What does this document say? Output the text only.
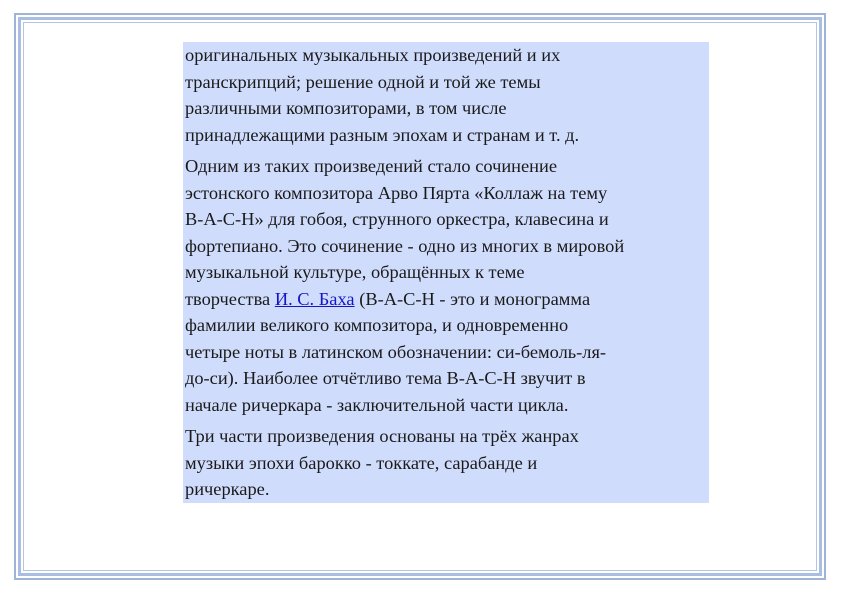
оригинальных музыкальных произведений и их
транскрипций; решение одной и той же темы
различными композиторами, в том числе
принадлежащими разным эпохам и странам и т. д.

Одним из таких произведений стало сочинение
эстонского композитора Арво Пярта «Коллаж на тему
B-A-C-H» для гобоя, струнного оркестра, клавесина и
фортепиано. Это сочинение - одно из многих в мировой
музыкальной культуре, обращённых к теме
творчества И. С. Баха (B-A-C-H - это и монограмма
фамилии великого композитора, и одновременно
четыре ноты в латинском обозначении: си-бемоль-ля-
до-си). Наиболее отчётливо тема B-A-C-H звучит в
начале ричеркара - заключительной части цикла.

Три части произведения основаны на трёх жанрах
музыки эпохи барокко - токкате, сарабанде и
ричеркаре.
